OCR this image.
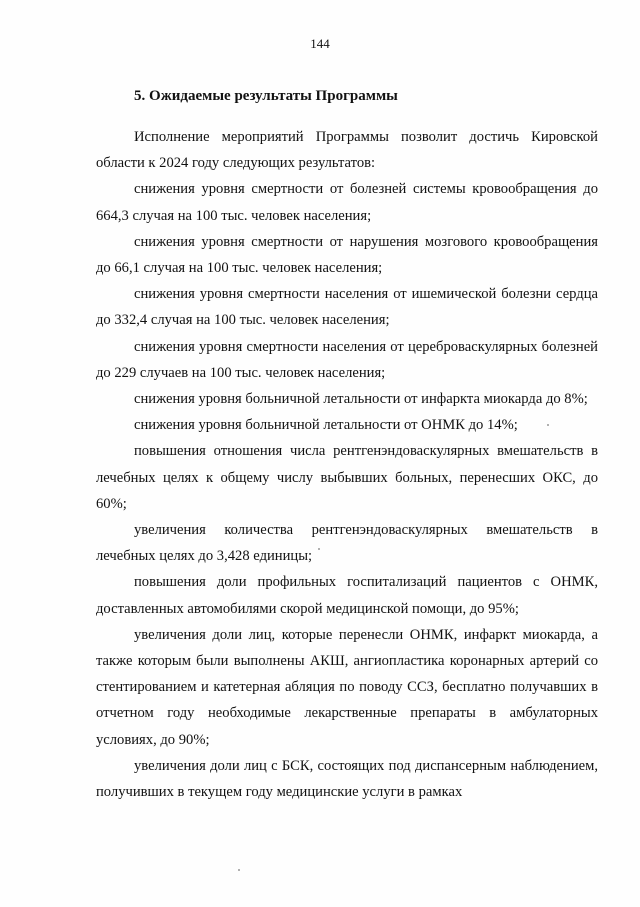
144
5. Ожидаемые результаты Программы

Исполнение мероприятий Программы позволит достичь Кировской области к 2024 году следующих результатов:

снижения уровня смертности от болезней системы кровообращения до 664,3 случая на 100 тыс. человек населения;

снижения уровня смертности от нарушения мозгового кровообращения до 66,1 случая на 100 тыс. человек населения;

снижения уровня смертности населения от ишемической болезни сердца до 332,4 случая на 100 тыс. человек населения;

снижения уровня смертности населения от цереброваскулярных болезней до 229 случаев на 100 тыс. человек населения;

снижения уровня больничной летальности от инфаркта миокарда до 8%;

снижения уровня больничной летальности от ОНМК до 14%;

повышения отношения числа рентгенэндоваскулярных вмешательств в лечебных целях к общему числу выбывших больных, перенесших ОКС, до 60%;

увеличения количества рентгенэндоваскулярных вмешательств в лечебных целях до 3,428 единицы;

повышения доли профильных госпитализаций пациентов с ОНМК, доставленных автомобилями скорой медицинской помощи, до 95%;

увеличения доли лиц, которые перенесли ОНМК, инфаркт миокарда, а также которым были выполнены АКШ, ангиопластика коронарных артерий со стентированием и катетерная абляция по поводу ССЗ, бесплатно получавших в отчетном году необходимые лекарственные препараты в амбулаторных условиях, до 90%;

увеличения доли лиц с БСК, состоящих под диспансерным наблюдением, получивших в текущем году медицинские услуги в рамках
